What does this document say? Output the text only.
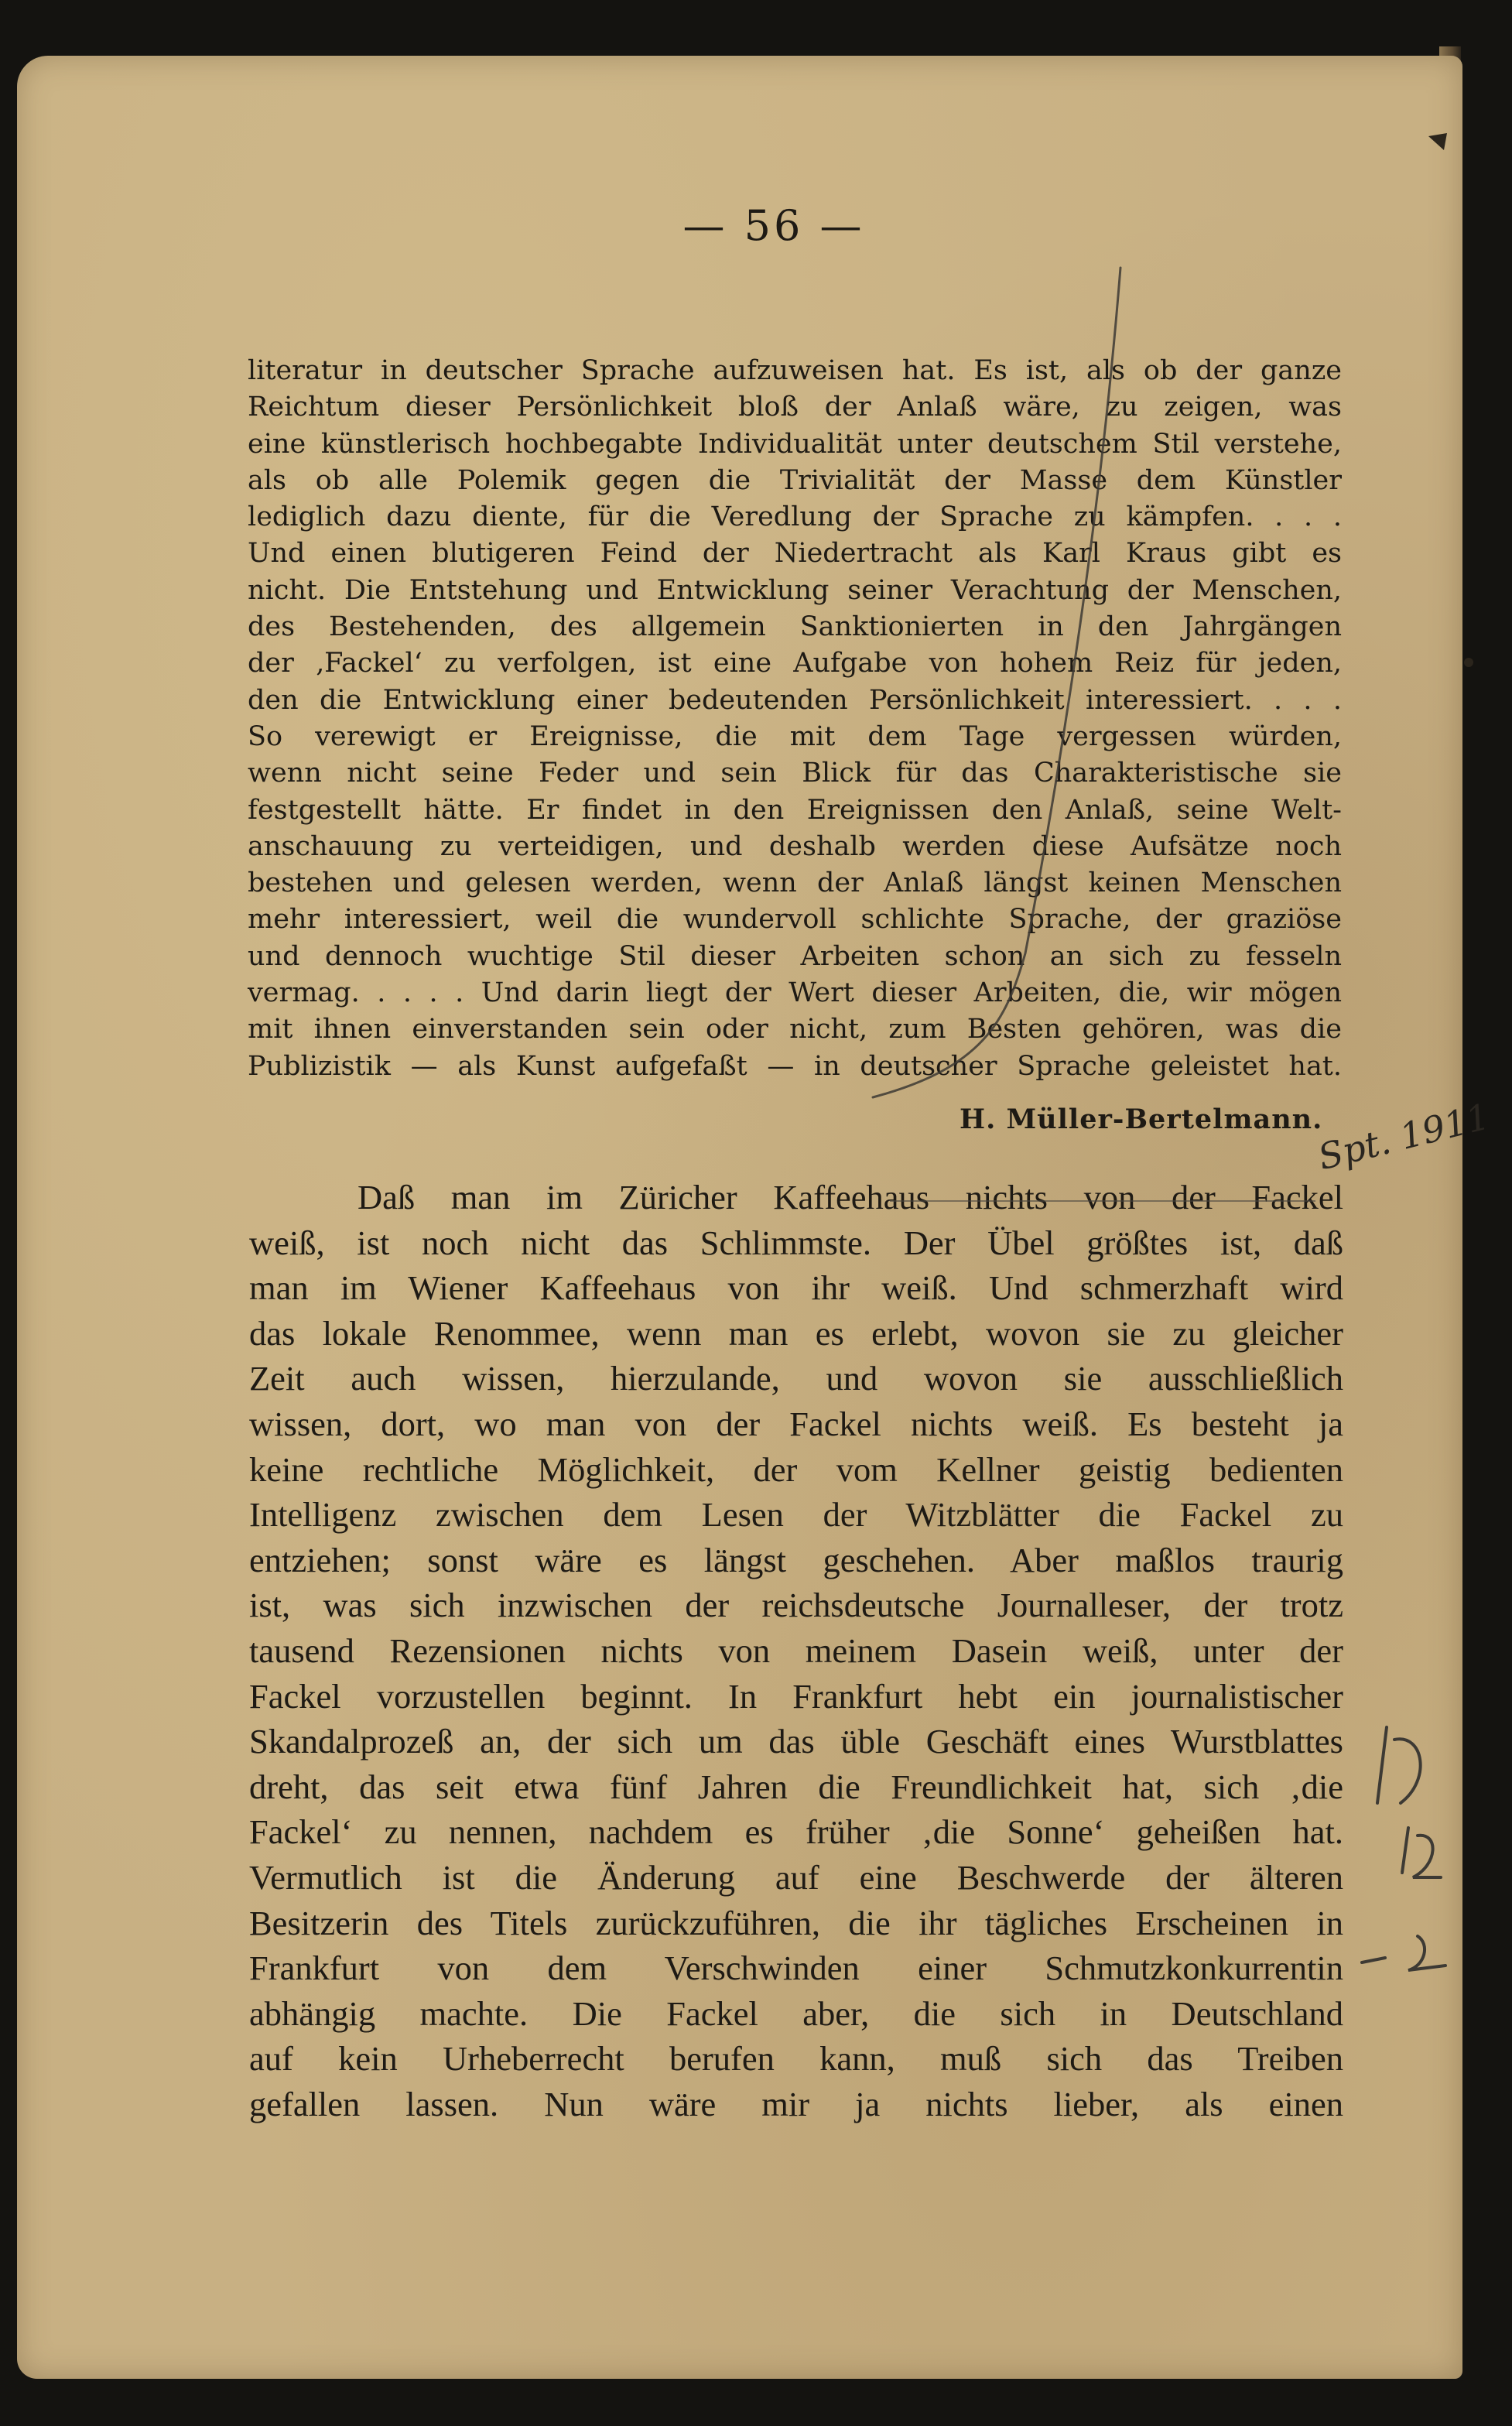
— 56 —
literatur in deutscher Sprache aufzuweisen hat. Es ist, als ob der ganze
Reichtum dieser Persönlichkeit bloß der Anlaß wäre, zu zeigen, was
eine künstlerisch hochbegabte Individualität unter deutschem Stil verstehe,
als ob alle Polemik gegen die Trivialität der Masse dem Künstler
lediglich dazu diente, für die Veredlung der Sprache zu kämpfen. . . .
Und einen blutigeren Feind der Niedertracht als Karl Kraus gibt es
nicht. Die Entstehung und Entwicklung seiner Verachtung der Menschen,
des Bestehenden, des allgemein Sanktionierten in den Jahrgängen
der ‚Fackel‘ zu verfolgen, ist eine Aufgabe von hohem Reiz für jeden,
den die Entwicklung einer bedeutenden Persönlichkeit interessiert. . . .
So verewigt er Ereignisse, die mit dem Tage vergessen würden,
wenn nicht seine Feder und sein Blick für das Charakteristische sie
festgestellt hätte. Er findet in den Ereignissen den Anlaß, seine Welt-
anschauung zu verteidigen, und deshalb werden diese Aufsätze noch
bestehen und gelesen werden, wenn der Anlaß längst keinen Menschen
mehr interessiert, weil die wundervoll schlichte Sprache, der graziöse
und dennoch wuchtige Stil dieser Arbeiten schon an sich zu fesseln
vermag. . . . . Und darin liegt der Wert dieser Arbeiten, die, wir mögen
mit ihnen einverstanden sein oder nicht, zum Besten gehören, was die
Publizistik — als Kunst aufgefaßt — in deutscher Sprache geleistet hat.
H. Müller-Bertelmann.
Daß man im Züricher Kaffeehaus nichts von der Fackel
weiß, ist noch nicht das Schlimmste. Der Übel größtes ist, daß
man im Wiener Kaffeehaus von ihr weiß. Und schmerzhaft wird
das lokale Renommee, wenn man es erlebt, wovon sie zu gleicher
Zeit auch wissen, hierzulande, und wovon sie ausschließlich
wissen, dort, wo man von der Fackel nichts weiß. Es besteht ja
keine rechtliche Möglichkeit, der vom Kellner geistig bedienten
Intelligenz zwischen dem Lesen der Witzblätter die Fackel zu
entziehen; sonst wäre es längst geschehen. Aber maßlos traurig
ist, was sich inzwischen der reichsdeutsche Journalleser, der trotz
tausend Rezensionen nichts von meinem Dasein weiß, unter der
Fackel vorzustellen beginnt. In Frankfurt hebt ein journalistischer
Skandalprozeß an, der sich um das üble Geschäft eines Wurstblattes
dreht, das seit etwa fünf Jahren die Freundlichkeit hat, sich ‚die
Fackel‘ zu nennen, nachdem es früher ‚die Sonne‘ geheißen hat.
Vermutlich ist die Änderung auf eine Beschwerde der älteren
Besitzerin des Titels zurückzuführen, die ihr tägliches Erscheinen in
Frankfurt von dem Verschwinden einer Schmutzkonkurrentin
abhängig machte. Die Fackel aber, die sich in Deutschland
auf kein Urheberrecht berufen kann, muß sich das Treiben
gefallen lassen. Nun wäre mir ja nichts lieber, als einen
Spt. 1911
12
12
12
